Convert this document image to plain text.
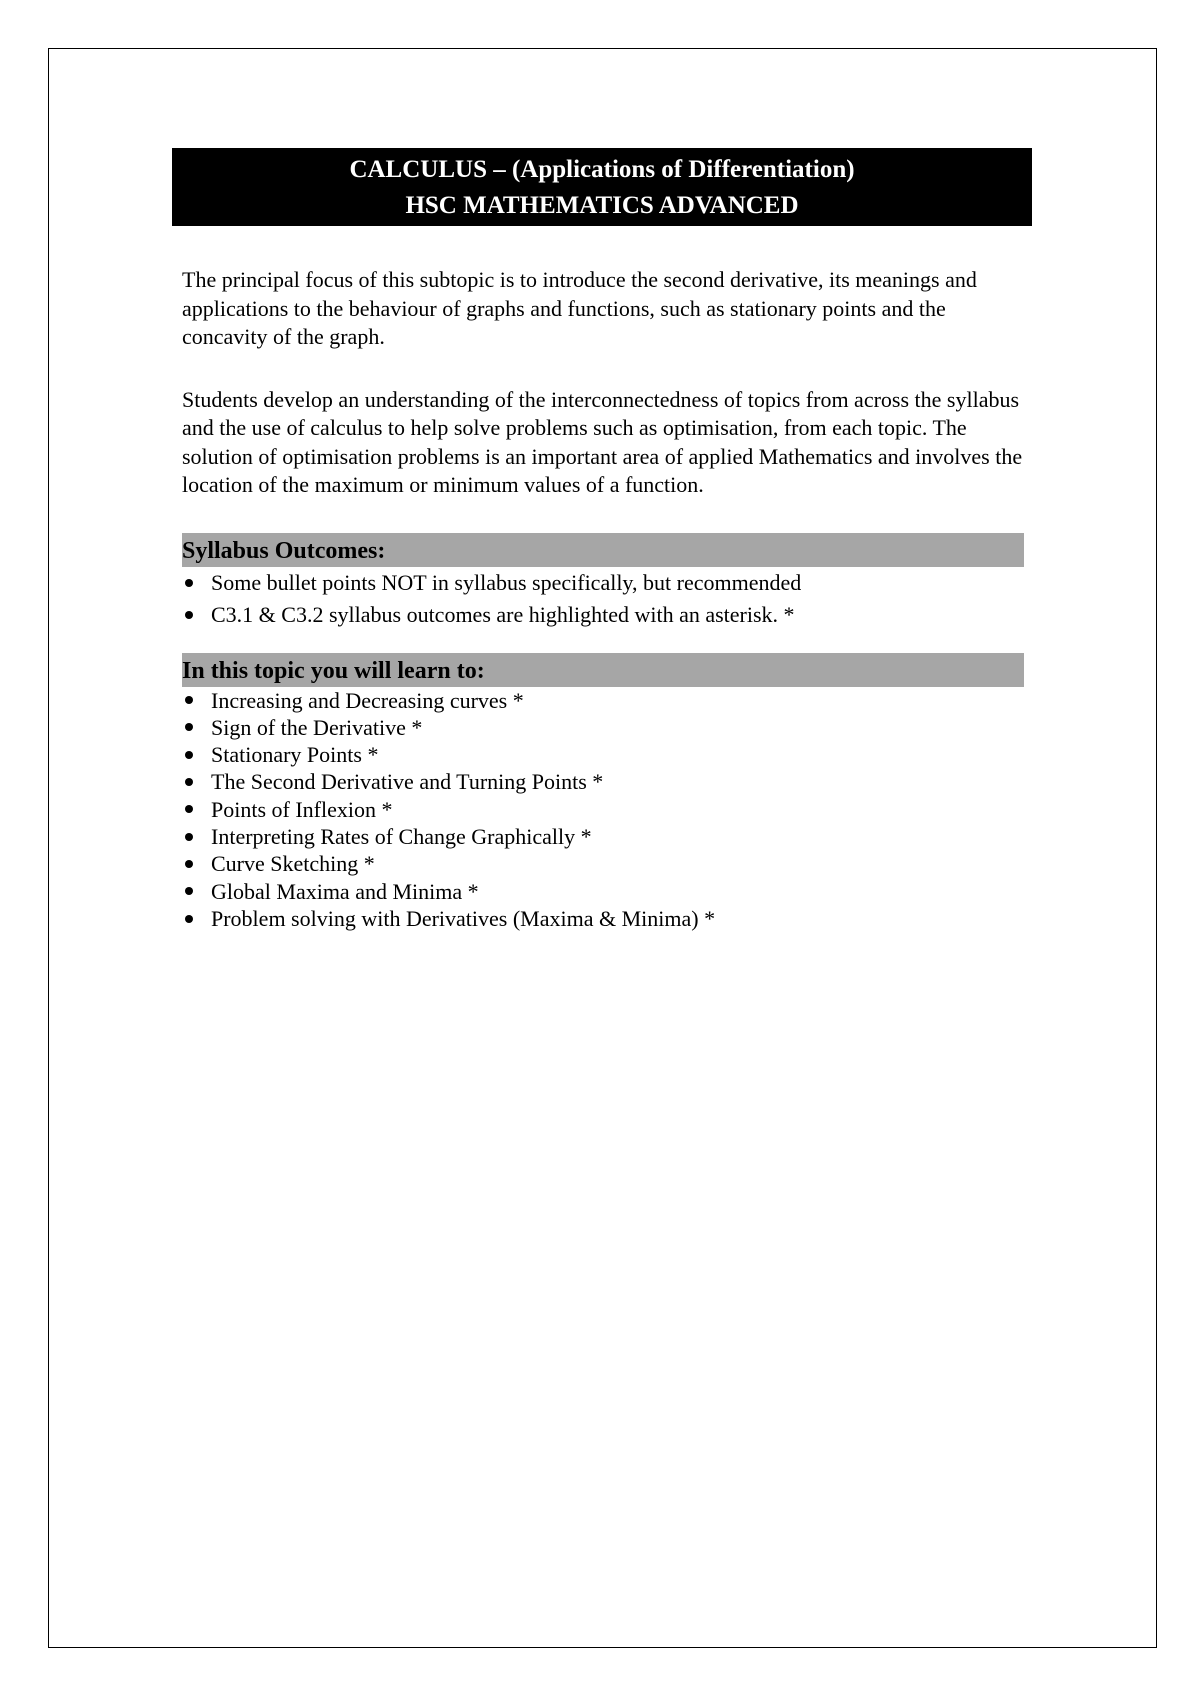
CALCULUS – (Applications of Differentiation)
HSC MATHEMATICS ADVANCED

The principal focus of this subtopic is to introduce the second derivative, its meanings and applications to the behaviour of graphs and functions, such as stationary points and the concavity of the graph.

Students develop an understanding of the interconnectedness of topics from across the syllabus and the use of calculus to help solve problems such as optimisation, from each topic. The solution of optimisation problems is an important area of applied Mathematics and involves the location of the maximum or minimum values of a function.

Syllabus Outcomes:
Some bullet points NOT in syllabus specifically, but recommended
C3.1 & C3.2 syllabus outcomes are highlighted with an asterisk. *
In this topic you will learn to:
Increasing and Decreasing curves *
Sign of the Derivative *
Stationary Points *
The Second Derivative and Turning Points *
Points of Inflexion *
Interpreting Rates of Change Graphically *
Curve Sketching *
Global Maxima and Minima *
Problem solving with Derivatives (Maxima & Minima) *
